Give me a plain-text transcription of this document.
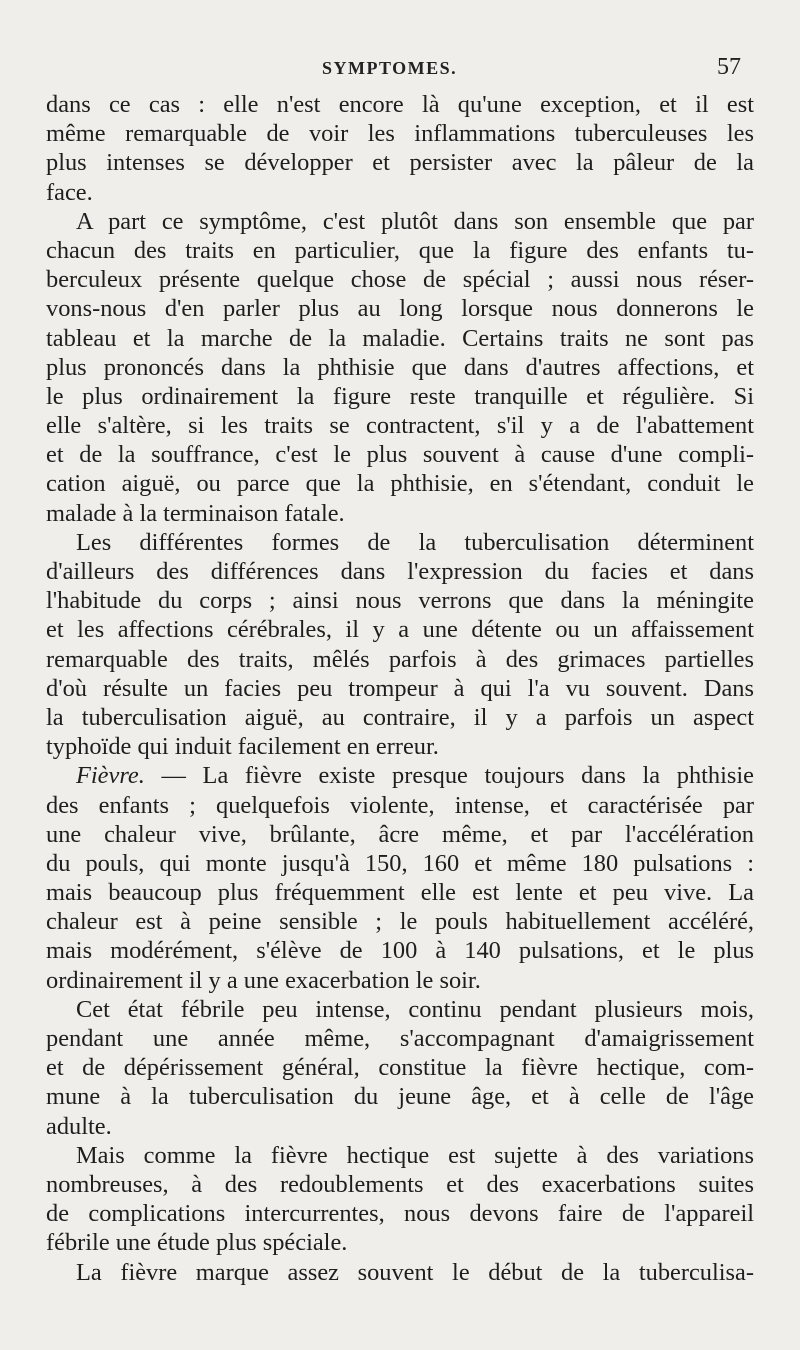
SYMPTOMES.	57
dans ce cas : elle n'est encore là qu'une exception, et il est
même remarquable de voir les inflammations tuberculeuses les
plus intenses se développer et persister avec la pâleur de la
face.
A part ce symptôme, c'est plutôt dans son ensemble que par
chacun des traits en particulier, que la figure des enfants tu-
berculeux présente quelque chose de spécial ; aussi nous réser-
vons-nous d'en parler plus au long lorsque nous donnerons le
tableau et la marche de la maladie. Certains traits ne sont pas
plus prononcés dans la phthisie que dans d'autres affections, et
le plus ordinairement la figure reste tranquille et régulière. Si
elle s'altère, si les traits se contractent, s'il y a de l'abattement
et de la souffrance, c'est le plus souvent à cause d'une compli-
cation aiguë, ou parce que la phthisie, en s'étendant, conduit le
malade à la terminaison fatale.
Les différentes formes de la tuberculisation déterminent
d'ailleurs des différences dans l'expression du facies et dans
l'habitude du corps ; ainsi nous verrons que dans la méningite
et les affections cérébrales, il y a une détente ou un affaissement
remarquable des traits, mêlés parfois à des grimaces partielles
d'où résulte un facies peu trompeur à qui l'a vu souvent. Dans
la tuberculisation aiguë, au contraire, il y a parfois un aspect
typhoïde qui induit facilement en erreur.
Fièvre. — La fièvre existe presque toujours dans la phthisie
des enfants ; quelquefois violente, intense, et caractérisée par
une chaleur vive, brûlante, âcre même, et par l'accélération
du pouls, qui monte jusqu'à 150, 160 et même 180 pulsations :
mais beaucoup plus fréquemment elle est lente et peu vive. La
chaleur est à peine sensible ; le pouls habituellement accéléré,
mais modérément, s'élève de 100 à 140 pulsations, et le plus
ordinairement il y a une exacerbation le soir.
Cet état fébrile peu intense, continu pendant plusieurs mois,
pendant une année même, s'accompagnant d'amaigrissement
et de dépérissement général, constitue la fièvre hectique, com-
mune à la tuberculisation du jeune âge, et à celle de l'âge
adulte.
Mais comme la fièvre hectique est sujette à des variations
nombreuses, à des redoublements et des exacerbations suites
de complications intercurrentes, nous devons faire de l'appareil
fébrile une étude plus spéciale.
La fièvre marque assez souvent le début de la tuberculisa-
